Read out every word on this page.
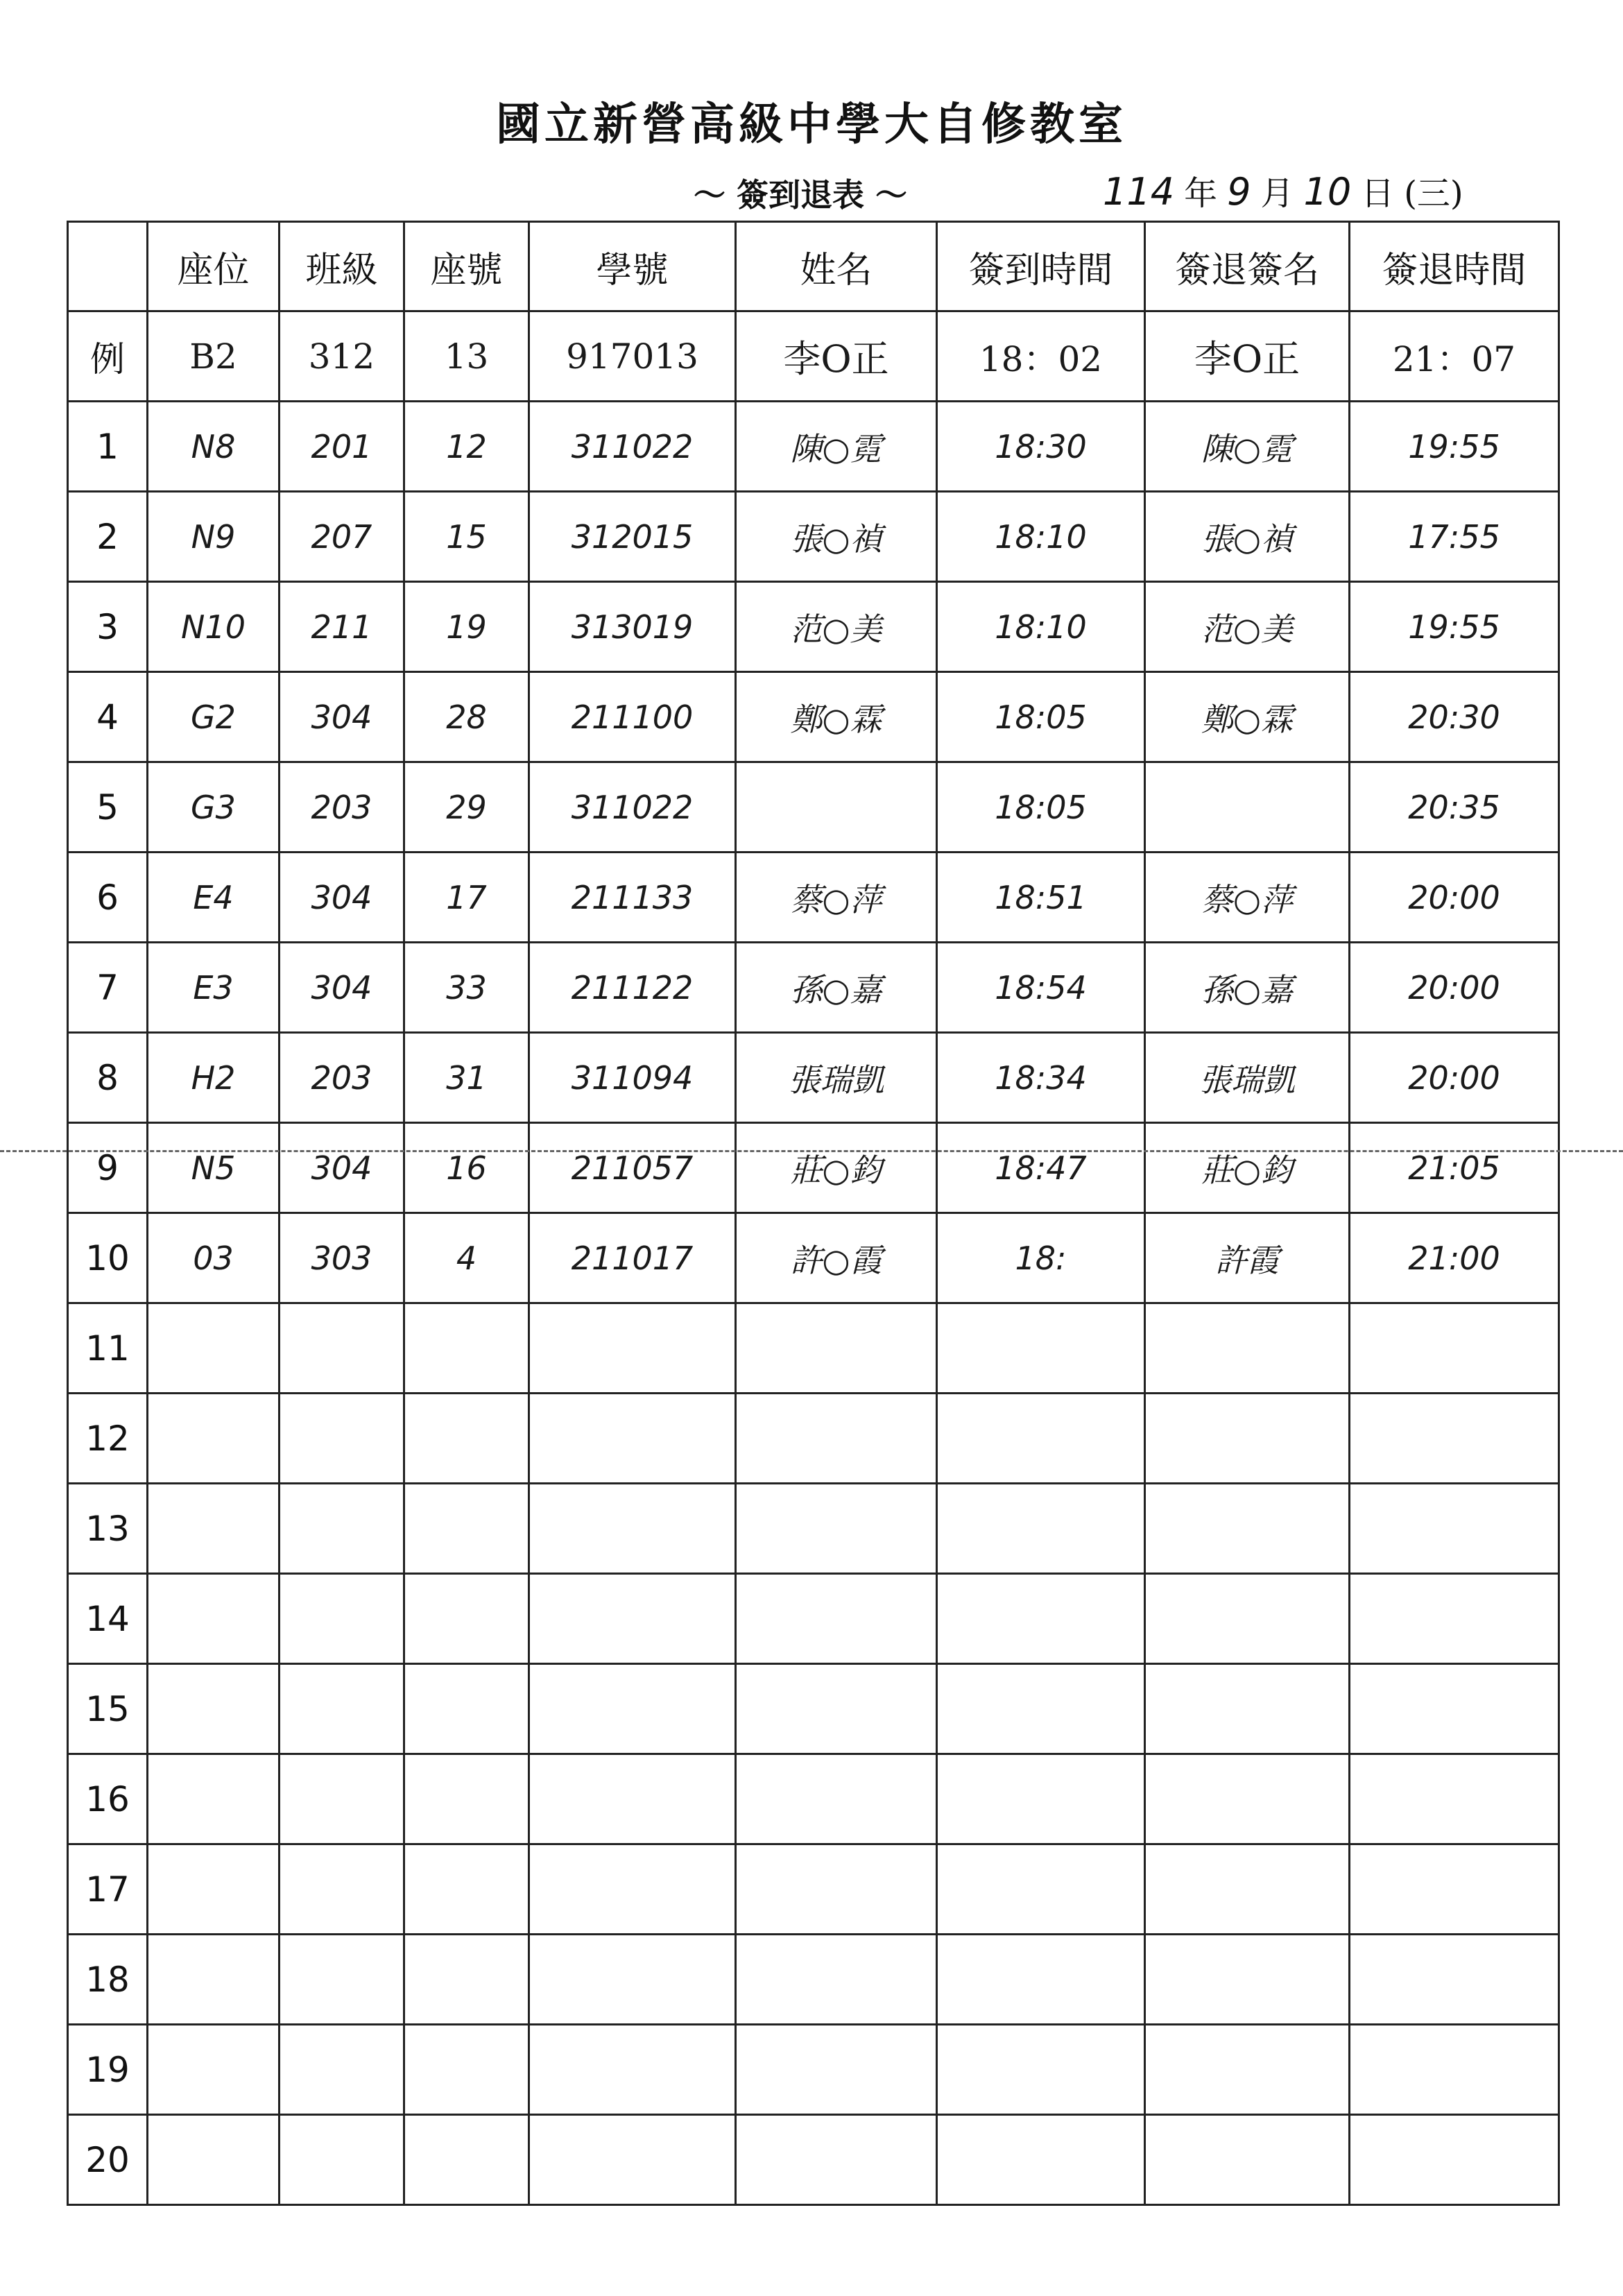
國立新營高級中學大自修教室
～ 簽到退表 ～	114 年 9 月 10 日 (三)
	座位	班級	座號	學號	姓名	簽到時間	簽退簽名	簽退時間
例	B2	312	13	917013	李O正	18：02	李O正	21：07
1	N8	201	12	311022	陳○霓	18:30	陳○霓	19:55
2	N9	207	15	312015	張○禎	18:10	張○禎	17:55
3	N10	211	19	313019	范○美	18:10	范○美	19:55
4	G2	304	28	211100	鄭○霖	18:05	鄭○霖	20:30
5	G3	203	29	311022		18:05		20:35
6	E4	304	17	211133	蔡○萍	18:51	蔡○萍	20:00
7	E3	304	33	211122	孫○嘉	18:54	孫○嘉	20:00
8	H2	203	31	311094	張瑞凱	18:34	張瑞凱	20:00
9	N5	304	16	211057	莊○鈞	18:47	莊○鈞	21:05
10	03	303	4	211017	許○霞	18:	許霞	21:00
11								
12								
13								
14								
15								
16								
17								
18								
19								
20								
